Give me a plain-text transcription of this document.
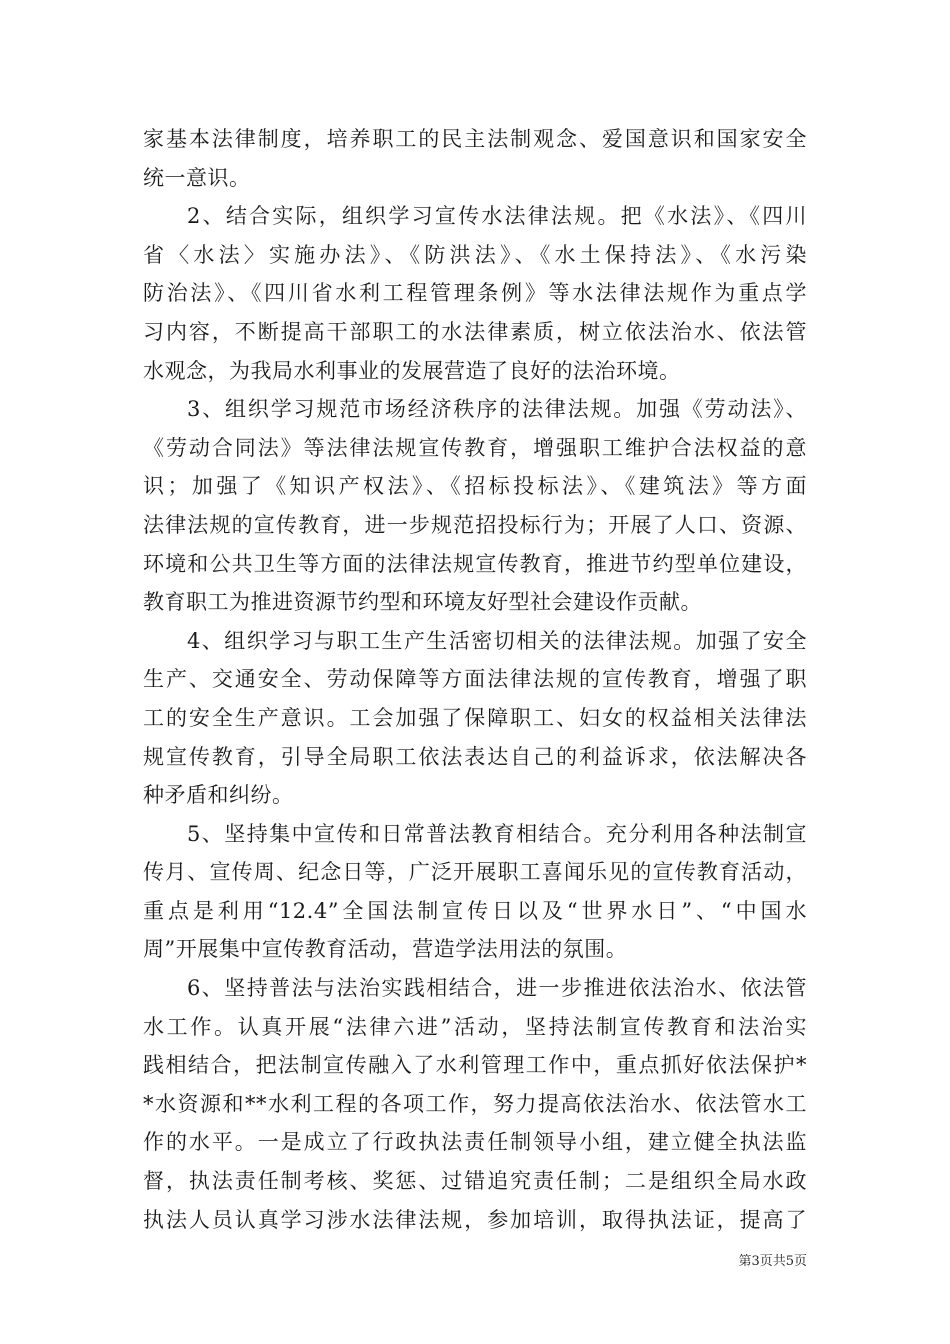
家基本法律制度，培养职工的民主法制观念、爱国意识和国家安全
统一意识。
2、结合实际，组织学习宣传水法律法规。把《水法》、《四川
省〈水法〉实施办法》、《防洪法》、《水土保持法》、《水污染
防治法》、《四川省水利工程管理条例》等水法律法规作为重点学
习内容，不断提高干部职工的水法律素质，树立依法治水、依法管
水观念，为我局水利事业的发展营造了良好的法治环境。
3、组织学习规范市场经济秩序的法律法规。加强《劳动法》、
《劳动合同法》等法律法规宣传教育，增强职工维护合法权益的意
识；加强了《知识产权法》、《招标投标法》、《建筑法》等方面
法律法规的宣传教育，进一步规范招投标行为；开展了人口、资源、
环境和公共卫生等方面的法律法规宣传教育，推进节约型单位建设，
教育职工为推进资源节约型和环境友好型社会建设作贡献。
4、组织学习与职工生产生活密切相关的法律法规。加强了安全
生产、交通安全、劳动保障等方面法律法规的宣传教育，增强了职
工的安全生产意识。工会加强了保障职工、妇女的权益相关法律法
规宣传教育，引导全局职工依法表达自己的利益诉求，依法解决各
种矛盾和纠纷。
5、坚持集中宣传和日常普法教育相结合。充分利用各种法制宣
传月、宣传周、纪念日等，广泛开展职工喜闻乐见的宣传教育活动，
重点是利用“12.4”全国法制宣传日以及“世界水日”、“中国水
周”开展集中宣传教育活动，营造学法用法的氛围。
6、坚持普法与法治实践相结合，进一步推进依法治水、依法管
水工作。认真开展“法律六进”活动，坚持法制宣传教育和法治实
践相结合，把法制宣传融入了水利管理工作中，重点抓好依法保护*
*水资源和**水利工程的各项工作，努力提高依法治水、依法管水工
作的水平。一是成立了行政执法责任制领导小组，建立健全执法监
督，执法责任制考核、奖惩、过错追究责任制；二是组织全局水政
执法人员认真学习涉水法律法规，参加培训，取得执法证，提高了
第3页共5页
